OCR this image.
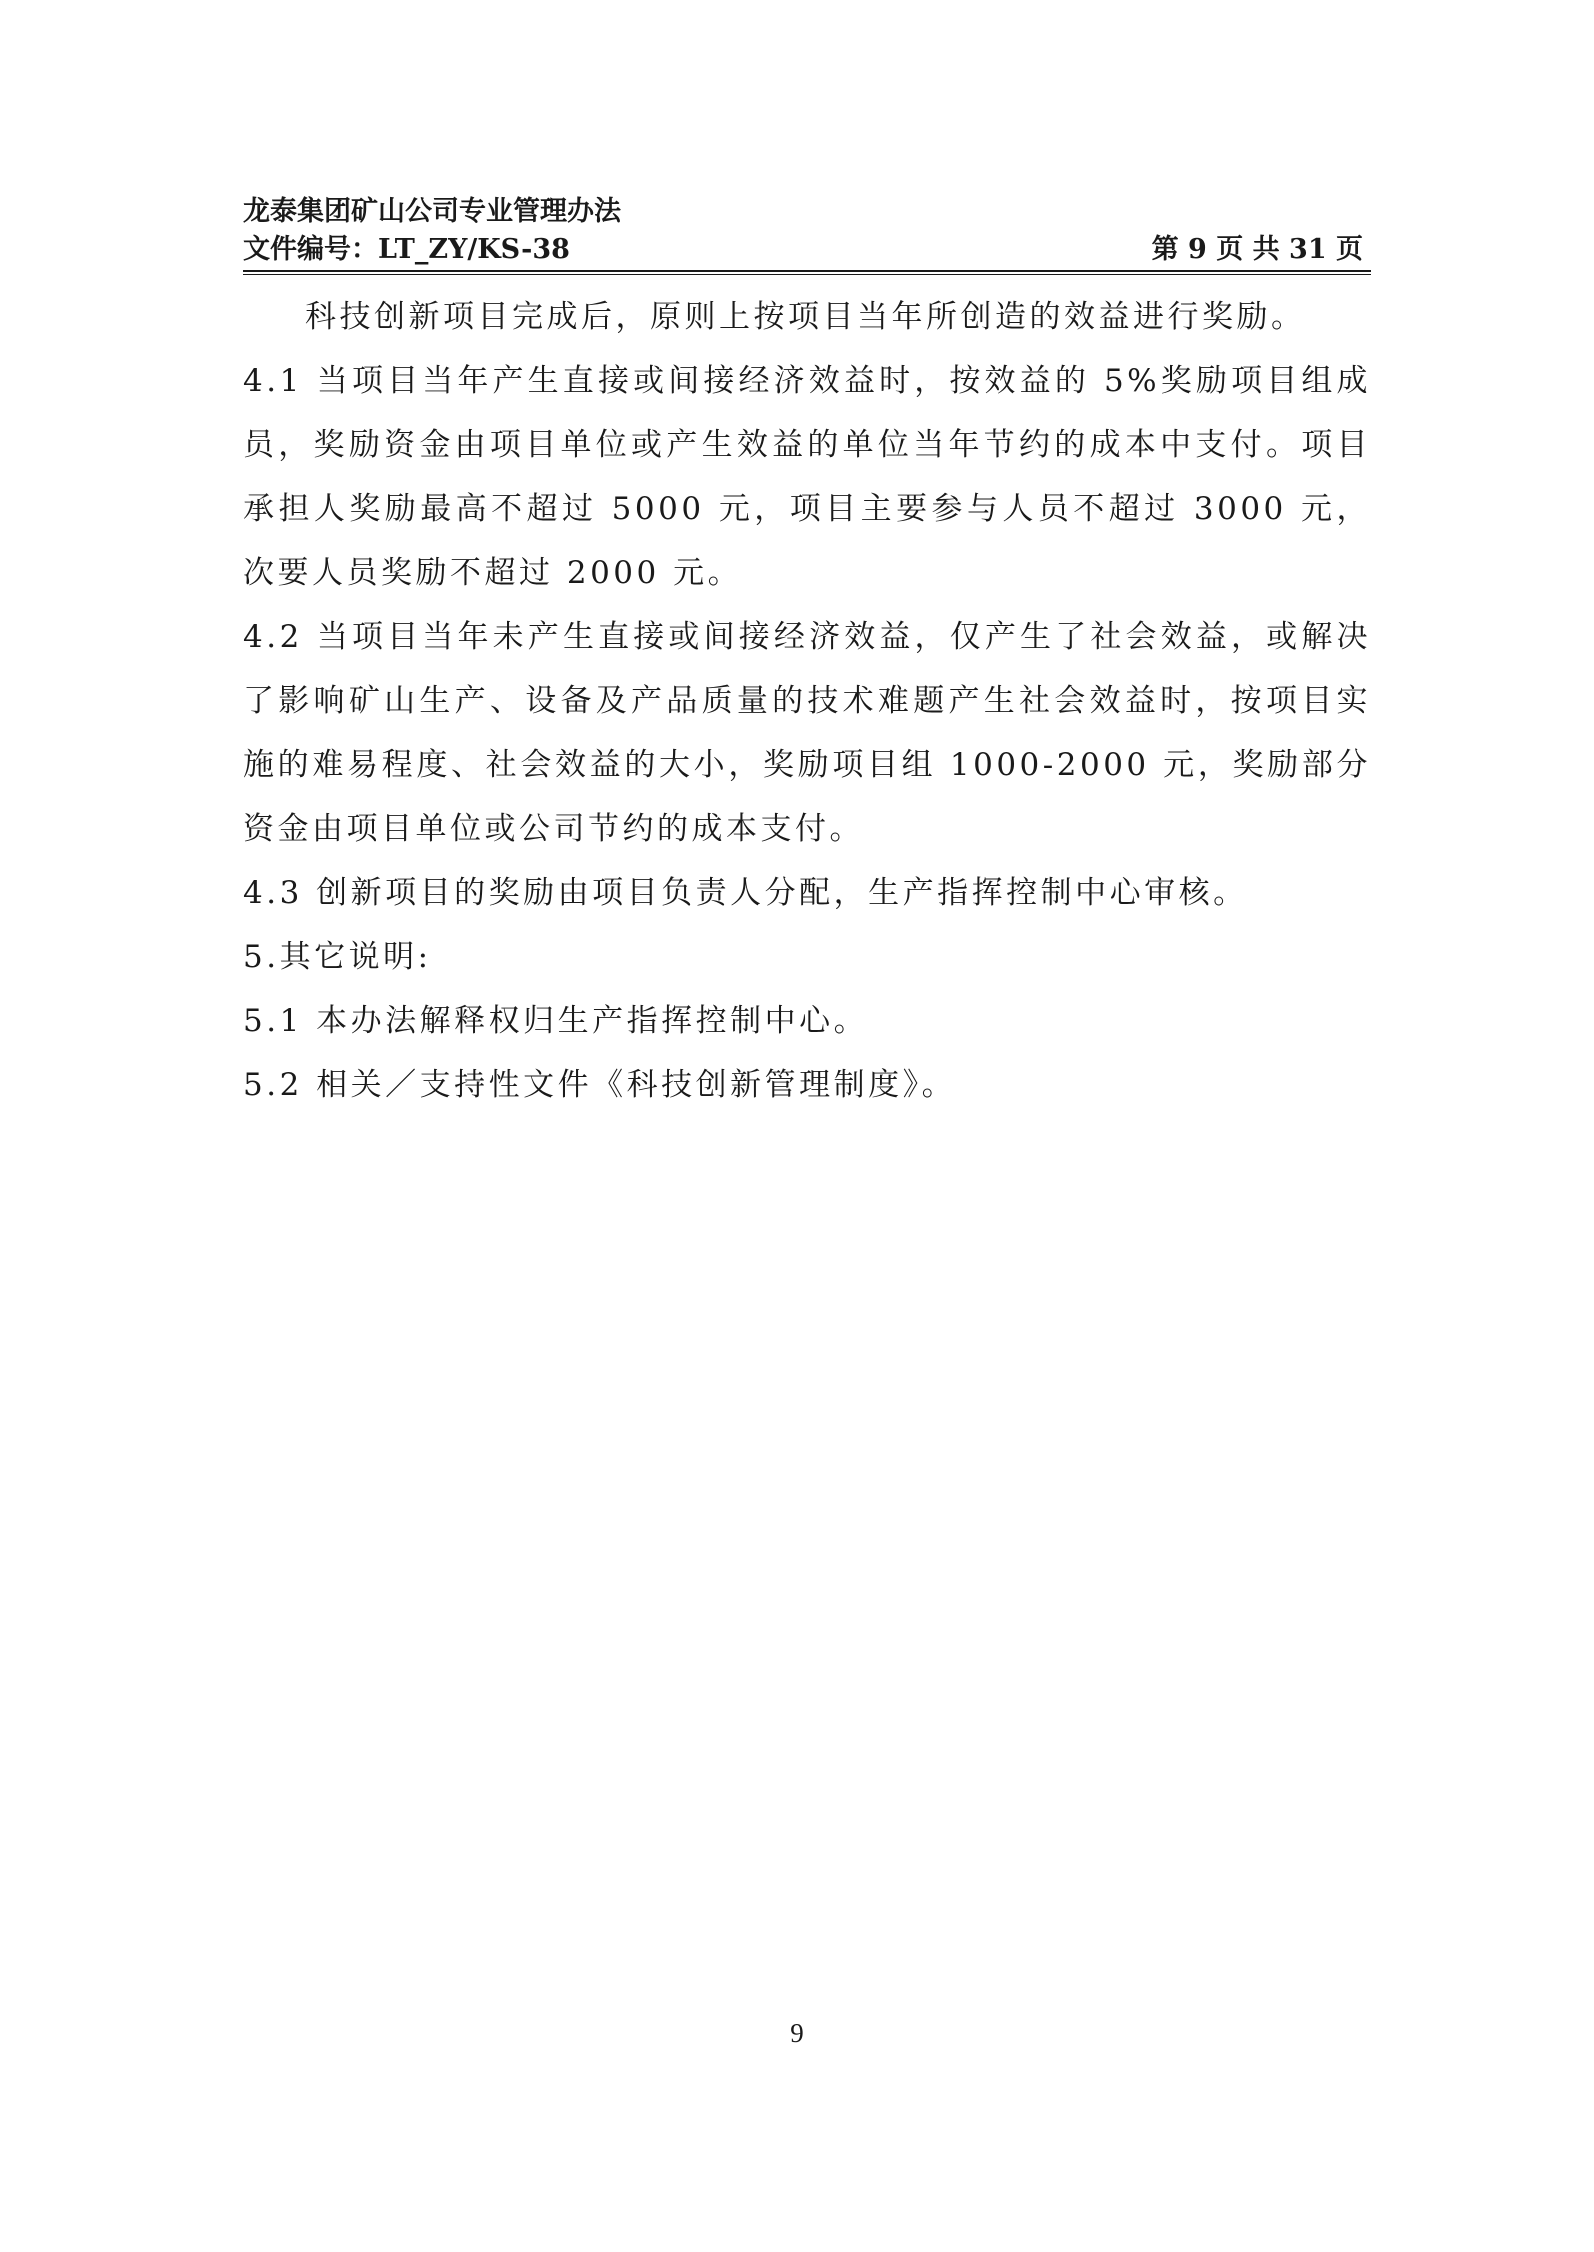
龙泰集团矿山公司专业管理办法
文件编号：LT_ZY/KS-38	第 9 页 共 31 页

科技创新项目完成后，原则上按项目当年所创造的效益进行奖励。

4.1 当项目当年产生直接或间接经济效益时，按效益的 5%奖励项目组成员，奖励资金由项目单位或产生效益的单位当年节约的成本中支付。项目承担人奖励最高不超过 5000 元，项目主要参与人员不超过 3000 元，次要人员奖励不超过 2000 元。

4.2 当项目当年未产生直接或间接经济效益，仅产生了社会效益，或解决了影响矿山生产、设备及产品质量的技术难题产生社会效益时，按项目实施的难易程度、社会效益的大小，奖励项目组 1000-2000 元，奖励部分资金由项目单位或公司节约的成本支付。

4.3 创新项目的奖励由项目负责人分配，生产指挥控制中心审核。

5.其它说明:

5.1 本办法解释权归生产指挥控制中心。

5.2 相关／支持性文件《科技创新管理制度》。

9
